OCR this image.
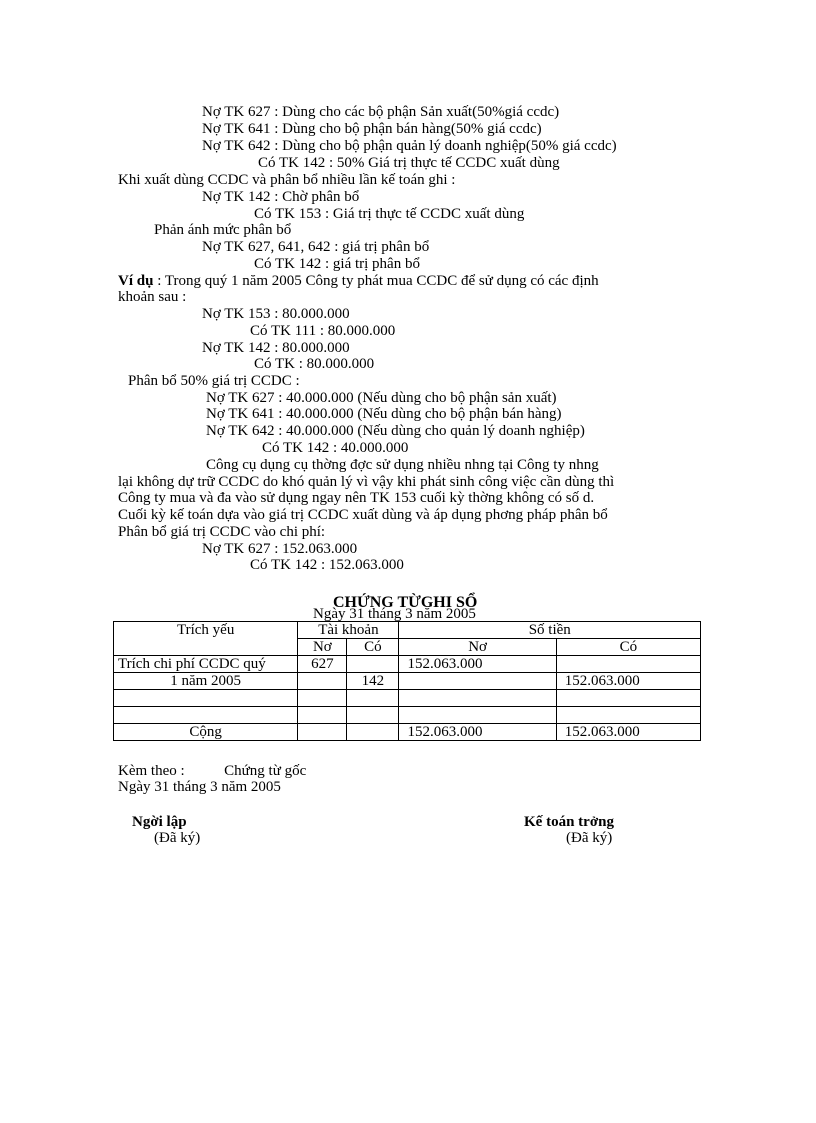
Nợ TK 627 : Dùng cho các bộ phận Sản xuất(50%giá ccdc)
Nợ TK 641 : Dùng cho bộ phận bán hàng(50% giá ccdc)
Nợ TK 642 : Dùng cho bộ phận quản lý doanh nghiệp(50% giá ccdc)
Có TK 142 : 50% Giá trị thực tế CCDC xuất dùng
Khi xuất dùng CCDC và phân bổ nhiều lần kế toán ghi :
Nợ TK 142 : Chờ phân bổ
Có TK 153 : Giá trị thực tế CCDC xuất dùng
Phản ánh mức phân bổ
Nợ TK 627, 641, 642 : giá trị phân bổ
Có TK 142 : giá trị phân bổ
Ví dụ : Trong quý 1 năm 2005 Công ty phát mua CCDC để sử dụng có các định
khoản sau :
Nợ TK 153 : 80.000.000
Có TK 111 : 80.000.000
Nợ TK 142 : 80.000.000
Có TK : 80.000.000
Phân bổ 50% giá trị CCDC :
Nợ TK 627 : 40.000.000 (Nếu dùng cho bộ phận sản xuất)
Nợ TK 641 : 40.000.000 (Nếu dùng cho bộ phận bán hàng)
Nợ TK 642 : 40.000.000 (Nếu dùng cho quản lý doanh nghiệp)
Có TK 142 : 40.000.000
Công cụ dụng cụ thờng đợc sử dụng nhiều nhng tại Công ty nhng
lại không dự trữ CCDC do khó quản lý vì vậy khi phát sinh công việc cần dùng thì
Công ty mua và đa vào sử dụng ngay nên TK 153 cuối kỳ thờng không có số d.
Cuối kỳ kế toán dựa vào giá trị CCDC xuất dùng và áp dụng phơng pháp phân bổ
Phân bổ giá trị CCDC vào chi phí:
Nợ TK 627 : 152.063.000
Có TK 142 : 152.063.000
CHỨNG TỪGHI SỔ
Ngày 31 tháng 3 năm 2005
Trích yếu	Tài khoản		Số tiền	
	Nơ	Có	Nơ	Có
Trích chi phí CCDC quý	627		152.063.000	
1 năm 2005		142		152.063.000

Cộng			152.063.000	152.063.000
Kèm theo :	Chứng từ gốc
Ngày 31 tháng 3 năm 2005
Ngời lập
(Đã ký)
Kế toán trởng
(Đã ký)
